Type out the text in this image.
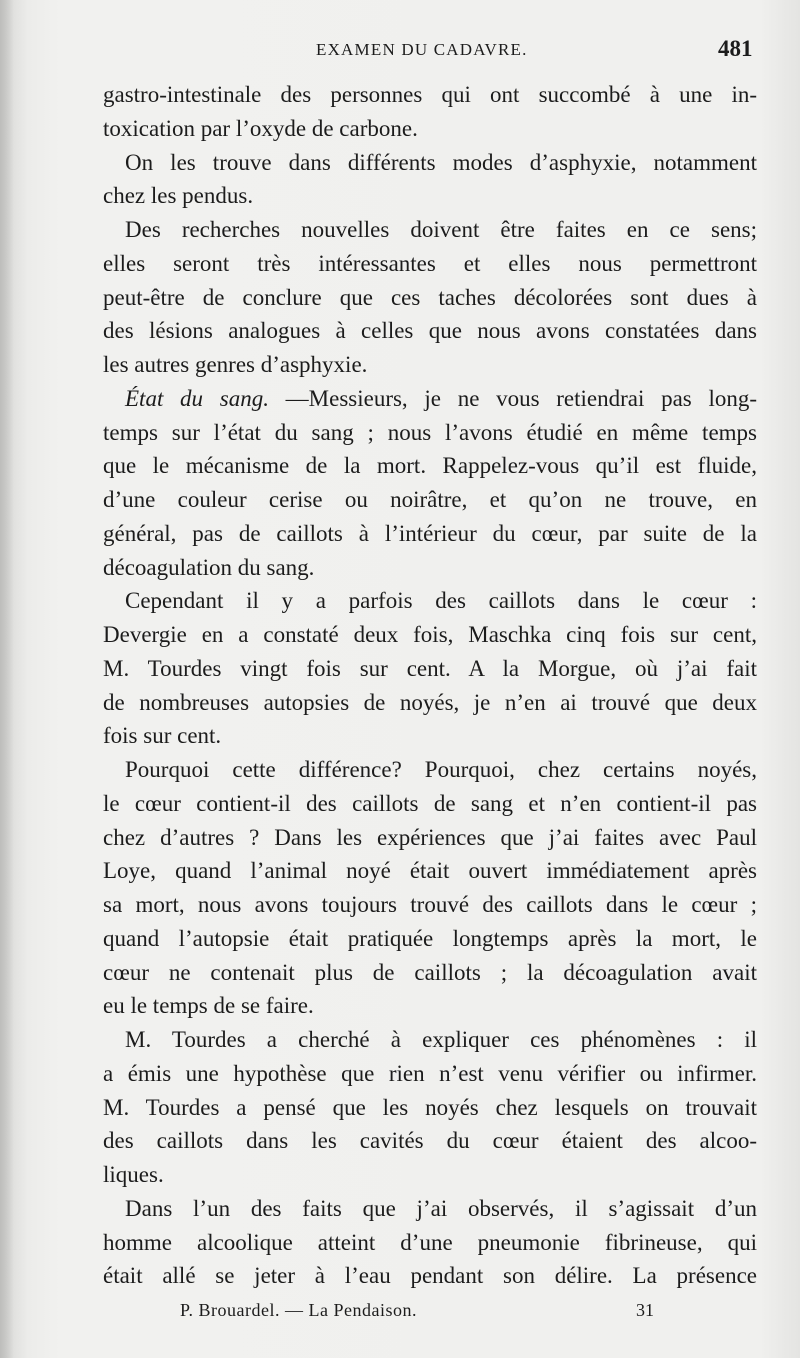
EXAMEN DU CADAVRE.	481
gastro-intestinale des personnes qui ont succombé à une in-
toxication par l’oxyde de carbone.
On les trouve dans différents modes d’asphyxie, notamment
chez les pendus.
Des recherches nouvelles doivent être faites en ce sens;
elles seront très intéressantes et elles nous permettront
peut-être de conclure que ces taches décolorées sont dues à
des lésions analogues à celles que nous avons constatées dans
les autres genres d’asphyxie.
État du sang. —Messieurs, je ne vous retiendrai pas long-
temps sur l’état du sang ; nous l’avons étudié en même temps
que le mécanisme de la mort. Rappelez-vous qu’il est fluide,
d’une couleur cerise ou noirâtre, et qu’on ne trouve, en
général, pas de caillots à l’intérieur du cœur, par suite de la
décoagulation du sang.
Cependant il y a parfois des caillots dans le cœur :
Devergie en a constaté deux fois, Maschka cinq fois sur cent,
M. Tourdes vingt fois sur cent. A la Morgue, où j’ai fait
de nombreuses autopsies de noyés, je n’en ai trouvé que deux
fois sur cent.
Pourquoi cette différence? Pourquoi, chez certains noyés,
le cœur contient-il des caillots de sang et n’en contient-il pas
chez d’autres ? Dans les expériences que j’ai faites avec Paul
Loye, quand l’animal noyé était ouvert immédiatement après
sa mort, nous avons toujours trouvé des caillots dans le cœur ;
quand l’autopsie était pratiquée longtemps après la mort, le
cœur ne contenait plus de caillots ; la décoagulation avait
eu le temps de se faire.
M. Tourdes a cherché à expliquer ces phénomènes : il
a émis une hypothèse que rien n’est venu vérifier ou infirmer.
M. Tourdes a pensé que les noyés chez lesquels on trouvait
des caillots dans les cavités du cœur étaient des alcoo-
liques.
Dans l’un des faits que j’ai observés, il s’agissait d’un
homme alcoolique atteint d’une pneumonie fibrineuse, qui
était allé se jeter à l’eau pendant son délire. La présence
P. Brouardel. — La Pendaison.	31
